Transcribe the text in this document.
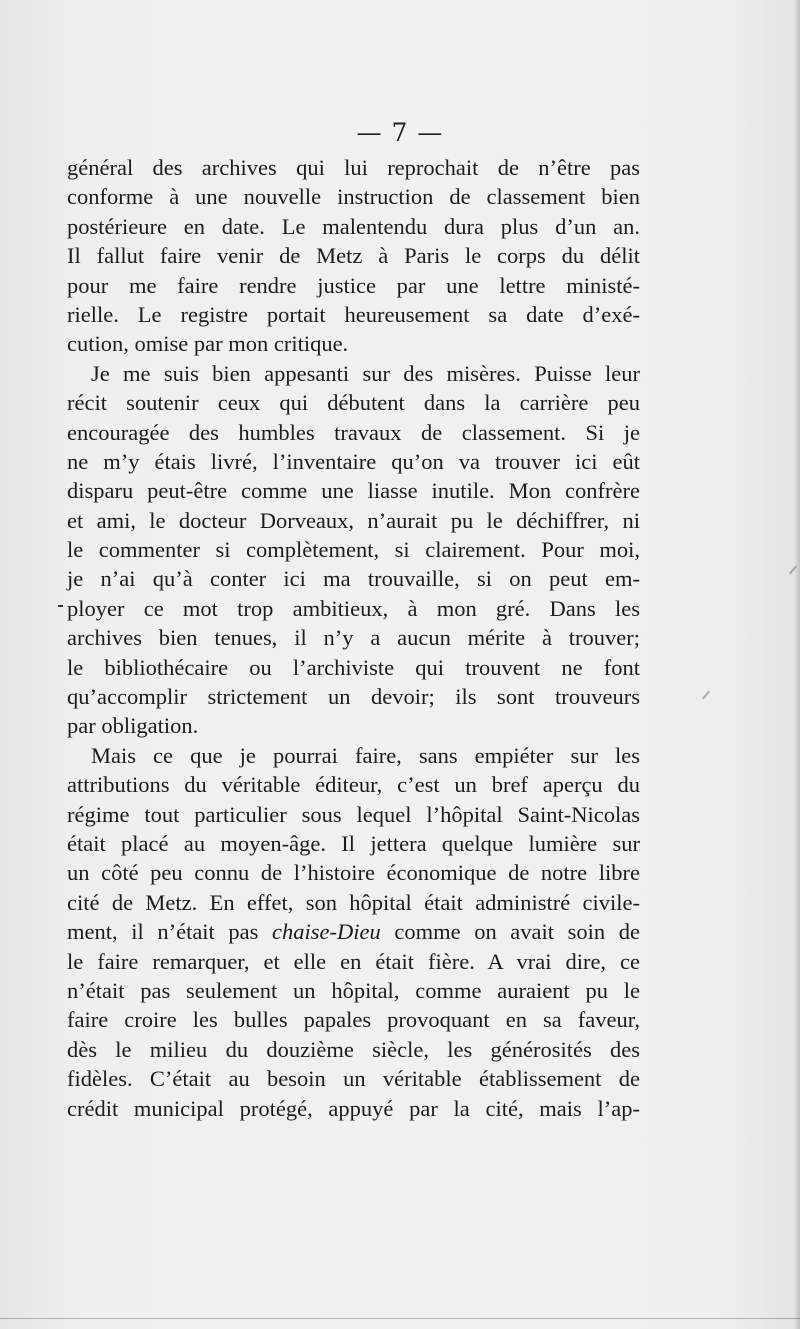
— 7 —
général des archives qui lui reprochait de n’être pas
conforme à une nouvelle instruction de classement bien
postérieure en date. Le malentendu dura plus d’un an.
Il fallut faire venir de Metz à Paris le corps du délit
pour me faire rendre justice par une lettre ministé-
rielle. Le registre portait heureusement sa date d’exé-
cution, omise par mon critique.
Je me suis bien appesanti sur des misères. Puisse leur
récit soutenir ceux qui débutent dans la carrière peu
encouragée des humbles travaux de classement. Si je
ne m’y étais livré, l’inventaire qu’on va trouver ici eût
disparu peut-être comme une liasse inutile. Mon confrère
et ami, le docteur Dorveaux, n’aurait pu le déchiffrer, ni
le commenter si complètement, si clairement. Pour moi,
je n’ai qu’à conter ici ma trouvaille, si on peut em-
ployer ce mot trop ambitieux, à mon gré. Dans les
archives bien tenues, il n’y a aucun mérite à trouver;
le bibliothécaire ou l’archiviste qui trouvent ne font
qu’accomplir strictement un devoir; ils sont trouveurs
par obligation.
Mais ce que je pourrai faire, sans empiéter sur les
attributions du véritable éditeur, c’est un bref aperçu du
régime tout particulier sous lequel l’hôpital Saint-Nicolas
était placé au moyen-âge. Il jettera quelque lumière sur
un côté peu connu de l’histoire économique de notre libre
cité de Metz. En effet, son hôpital était administré civile-
ment, il n’était pas chaise-Dieu comme on avait soin de
le faire remarquer, et elle en était fière. A vrai dire, ce
n’était pas seulement un hôpital, comme auraient pu le
faire croire les bulles papales provoquant en sa faveur,
dès le milieu du douzième siècle, les générosités des
fidèles. C’était au besoin un véritable établissement de
crédit municipal protégé, appuyé par la cité, mais l’ap-
